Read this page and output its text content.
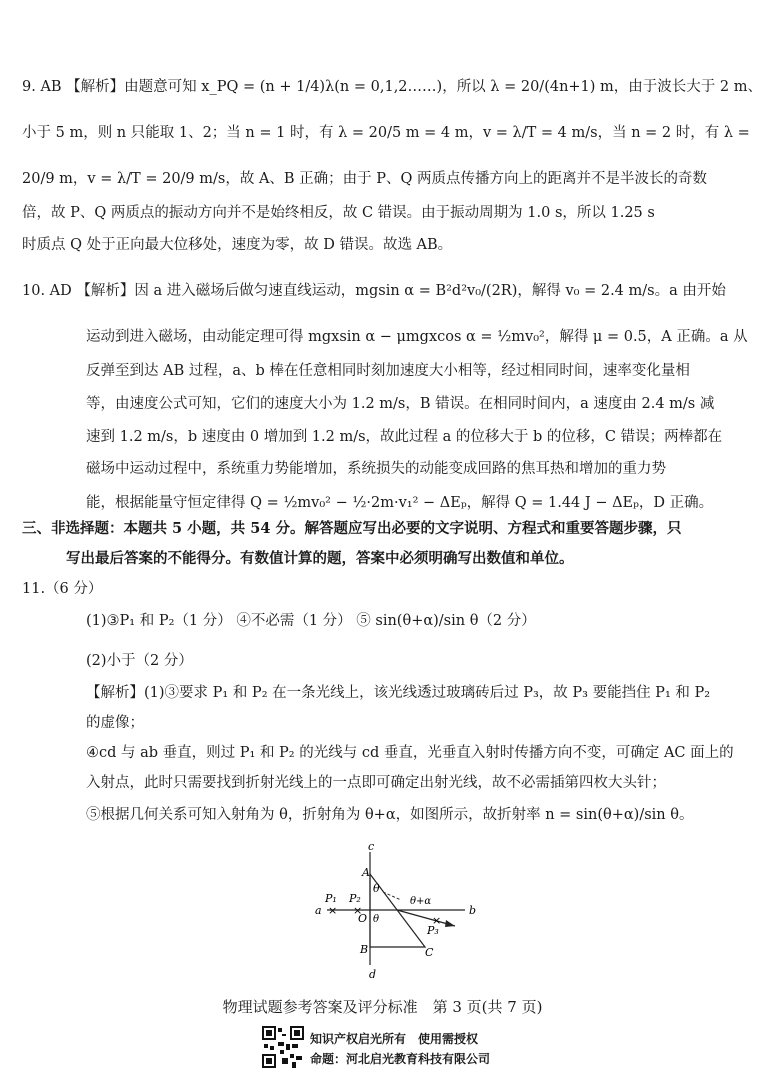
9. AB 【解析】由题意可知 x_PQ = (n + 1/4)λ(n = 0,1,2……)，所以 λ = 20/(4n+1) m，由于波长大于 2 m、
小于 5 m，则 n 只能取 1、2；当 n = 1 时，有 λ = 20/5 m = 4 m，v = λ/T = 4 m/s，当 n = 2 时，有 λ =
20/9 m，v = λ/T = 20/9 m/s，故 A、B 正确；由于 P、Q 两质点传播方向上的距离并不是半波长的奇数
倍，故 P、Q 两质点的振动方向并不是始终相反，故 C 错误。由于振动周期为 1.0 s，所以 1.25 s
时质点 Q 处于正向最大位移处，速度为零，故 D 错误。故选 AB。
10. AD 【解析】因 a 进入磁场后做匀速直线运动，mgsin α = B²d²v₀/(2R)，解得 v₀ = 2.4 m/s。a 由开始
运动到进入磁场，由动能定理可得 mgxsin α − μmgxcos α = ½mv₀²，解得 μ = 0.5，A 正确。a 从
反弹至到达 AB 过程，a、b 棒在任意相同时刻加速度大小相等，经过相同时间，速率变化量相
等，由速度公式可知，它们的速度大小为 1.2 m/s，B 错误。在相同时间内，a 速度由 2.4 m/s 减
速到 1.2 m/s，b 速度由 0 增加到 1.2 m/s，故此过程 a 的位移大于 b 的位移，C 错误；两棒都在
磁场中运动过程中，系统重力势能增加，系统损失的动能变成回路的焦耳热和增加的重力势
能，根据能量守恒定律得 Q = ½mv₀² − ½·2m·v₁² − ΔEₚ，解得 Q = 1.44 J − ΔEₚ，D 正确。
三、非选择题：本题共 5 小题，共 54 分。解答题应写出必要的文字说明、方程式和重要答题步骤，只
写出最后答案的不能得分。有数值计算的题，答案中必须明确写出数值和单位。
11.（6 分）
(1)③P₁ 和 P₂（1 分） ④不必需（1 分） ⑤ sin(θ+α)/sin θ（2 分）
(2)小于（2 分）
【解析】(1)③要求 P₁ 和 P₂ 在一条光线上，该光线透过玻璃砖后过 P₃，故 P₃ 要能挡住 P₁ 和 P₂
的虚像；
④cd 与 ab 垂直，则过 P₁ 和 P₂ 的光线与 cd 垂直，光垂直入射时传播方向不变，可确定 AC 面上的
入射点，此时只需要找到折射光线上的一点即可确定出射光线，故不必需插第四枚大头针；
⑤根据几何关系可知入射角为 θ，折射角为 θ+α，如图所示，故折射率 n = sin(θ+α)/sin θ。
× ×
×
c
d
a	b
A
B	C
O
P₁ P₂
P₃
θ
θ
θ+α
物理试题参考答案及评分标准　第 3 页(共 7 页)
知识产权启光所有　使用需授权
命题：河北启光教育科技有限公司
